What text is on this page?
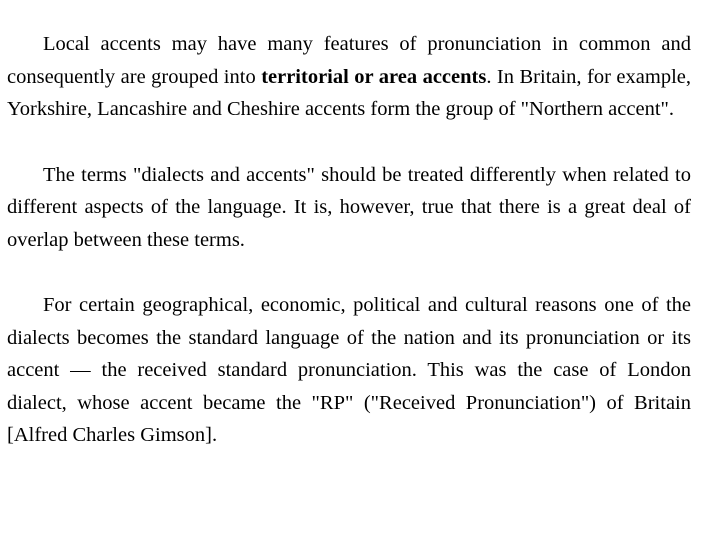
Local accents may have many features of pronunciation in common and consequently are grouped into territorial or area accents. In Britain, for example, Yorkshire, Lancashire and Cheshire accents form the group of "Northern accent".

The terms "dialects and accents" should be treated differently when related to different aspects of the language. It is, however, true that there is a great deal of overlap between these terms.

For certain geographical, economic, political and cultural reasons one of the dialects becomes the standard language of the nation and its pronunciation or its accent — the received standard pronunciation. This was the case of London dialect, whose accent became the "RP" ("Received Pronunciation") of Britain [Alfred Charles Gimson].
